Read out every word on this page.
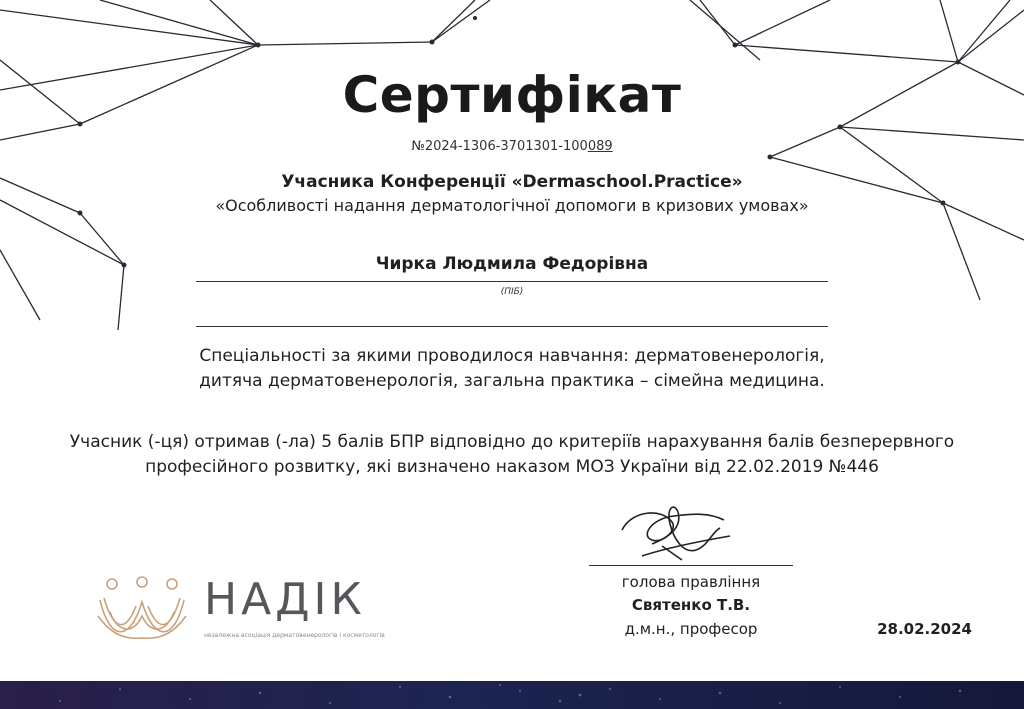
Сертифікат
№2024-1306-3701301-100089
Учасника Конференції «Dermaschool.Practice»
«Особливості надання дерматологічної допомоги в кризових умовах»
Чирка Людмила Федорівна
(ПІБ)
Спеціальності за якими проводилося навчання: дерматовенерологія,
дитяча дерматовенерологія, загальна практика – сімейна медицина.
Учасник (-ця) отримав (-ла) 5 балів БПР відповідно до критеріїв нарахування балів безперервного
професійного розвитку, які визначено наказом МОЗ України від 22.02.2019 №446
НАДІК
незалежна асоціація дерматовенерологів і косметологів
голова правління
Святенко Т.В.
д.м.н., професор	28.02.2024
